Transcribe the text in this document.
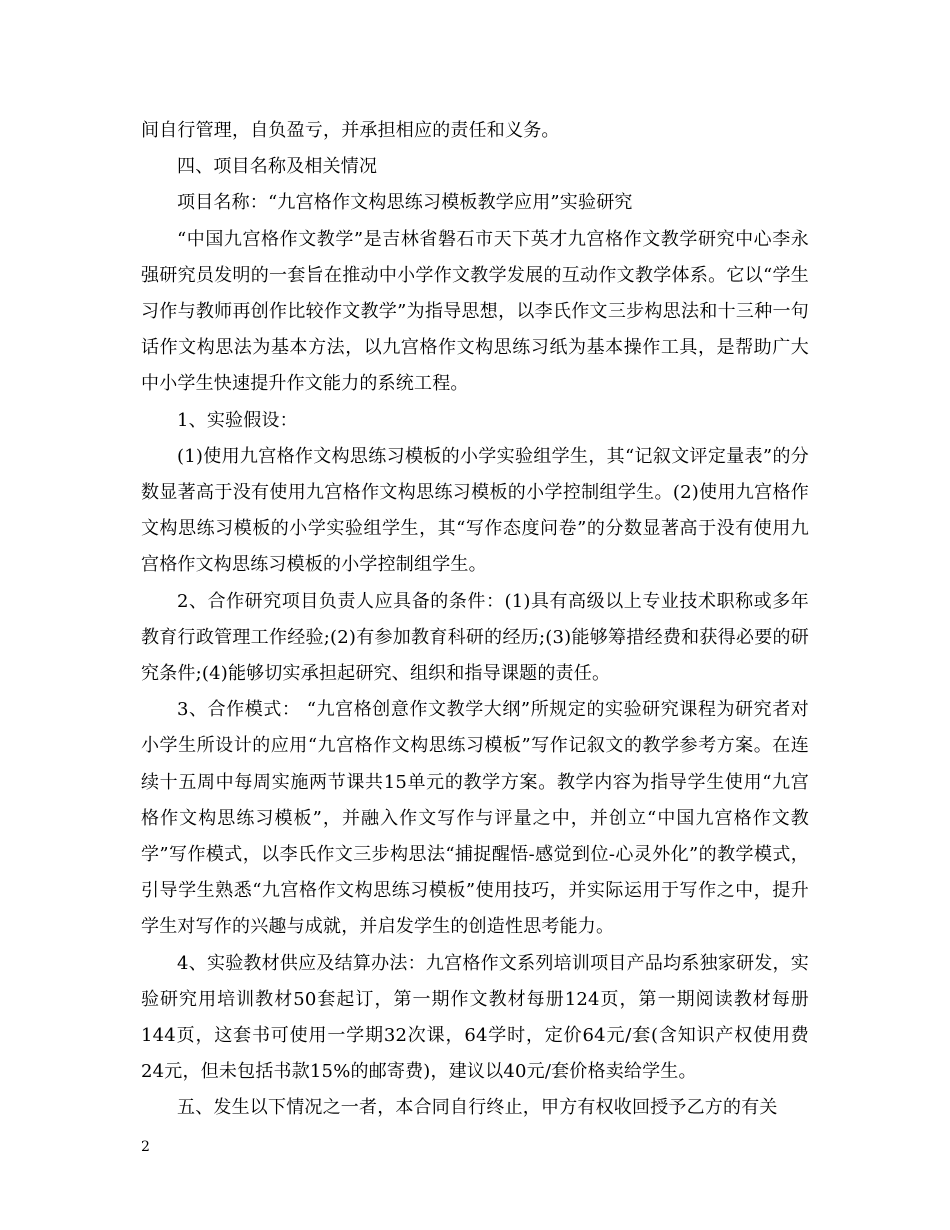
间自行管理，自负盈亏，并承担相应的责任和义务。

四、项目名称及相关情况

项目名称：“九宫格作文构思练习模板教学应用”实验研究

“中国九宫格作文教学”是吉林省磐石市天下英才九宫格作文教学研究中心李永强研究员发明的一套旨在推动中小学作文教学发展的互动作文教学体系。它以“学生习作与教师再创作比较作文教学”为指导思想，以李氏作文三步构思法和十三种一句话作文构思法为基本方法，以九宫格作文构思练习纸为基本操作工具，是帮助广大中小学生快速提升作文能力的系统工程。

1、实验假设：

(1)使用九宫格作文构思练习模板的小学实验组学生，其“记叙文评定量表”的分数显著高于没有使用九宫格作文构思练习模板的小学控制组学生。(2)使用九宫格作文构思练习模板的小学实验组学生，其“写作态度问卷”的分数显著高于没有使用九宫格作文构思练习模板的小学控制组学生。

2、合作研究项目负责人应具备的条件：(1)具有高级以上专业技术职称或多年教育行政管理工作经验;(2)有参加教育科研的经历;(3)能够筹措经费和获得必要的研究条件;(4)能够切实承担起研究、组织和指导课题的责任。

3、合作模式： “九宫格创意作文教学大纲”所规定的实验研究课程为研究者对小学生所设计的应用“九宫格作文构思练习模板”写作记叙文的教学参考方案。在连续十五周中每周实施两节课共15单元的教学方案。教学内容为指导学生使用“九宫格作文构思练习模板”，并融入作文写作与评量之中，并创立“中国九宫格作文教学”写作模式，以李氏作文三步构思法“捕捉醒悟-感觉到位-心灵外化”的教学模式，引导学生熟悉“九宫格作文构思练习模板”使用技巧，并实际运用于写作之中，提升学生对写作的兴趣与成就，并启发学生的创造性思考能力。

4、实验教材供应及结算办法：九宫格作文系列培训项目产品均系独家研发，实验研究用培训教材50套起订，第一期作文教材每册124页，第一期阅读教材每册144页，这套书可使用一学期32次课，64学时，定价64元/套(含知识产权使用费24元，但未包括书款15%的邮寄费)，建议以40元/套价格卖给学生。

五、发生以下情况之一者，本合同自行终止，甲方有权收回授予乙方的有关

2
